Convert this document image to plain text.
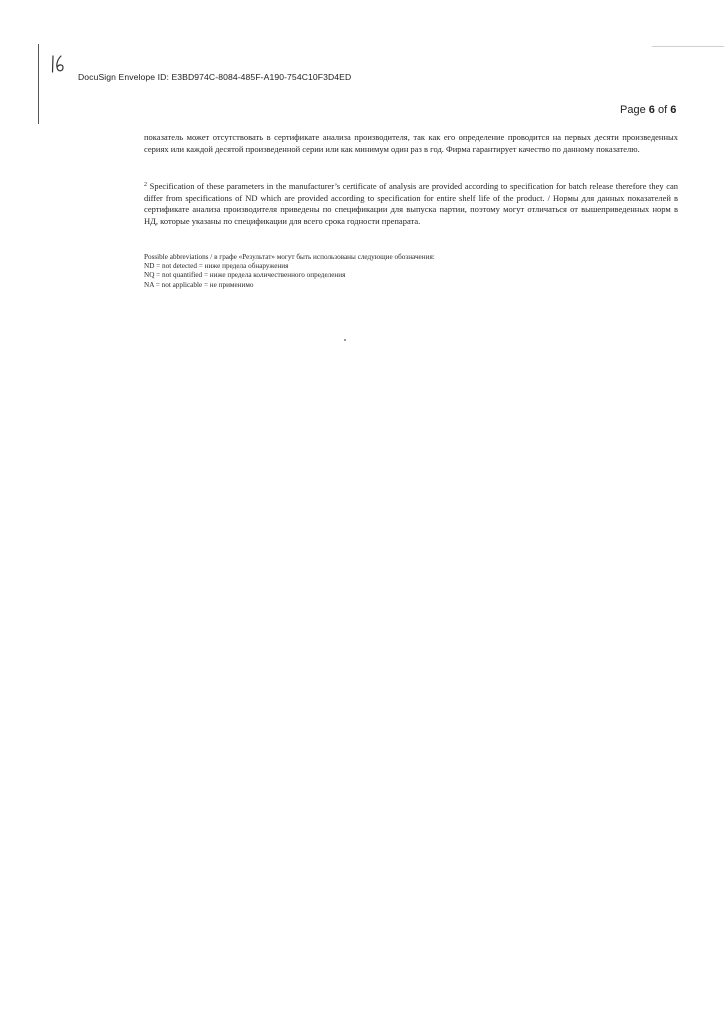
DocuSign Envelope ID: E3BD974C-8084-485F-A190-754C10F3D4ED
Page 6 of 6
показатель может отсутствовать в сертификате анализа производителя, так как его определение проводится на первых десяти произведенных сериях или каждой десятой произведенной серии или как минимум один раз в год. Фирма гарантирует качество по данному показателю.
$^2$ Specification of these parameters in the manufacturer’s certificate of analysis are provided according to specification for batch release therefore they can differ from specifications of ND which are provided according to specification for entire shelf life of the product. / Нормы для данных показателей в сертификате анализа производителя приведены по спецификации для выпуска партии, поэтому могут отличаться от вышеприведенных норм в НД, которые указаны по спецификации для всего срока годности препарата.
Possible abbreviations / в графе «Результат» могут быть использованы следующие обозначения:
ND = not detected = ниже предела обнаружения
NQ = not quantified = ниже предела количественного определения
NA = not applicable = не применимо
